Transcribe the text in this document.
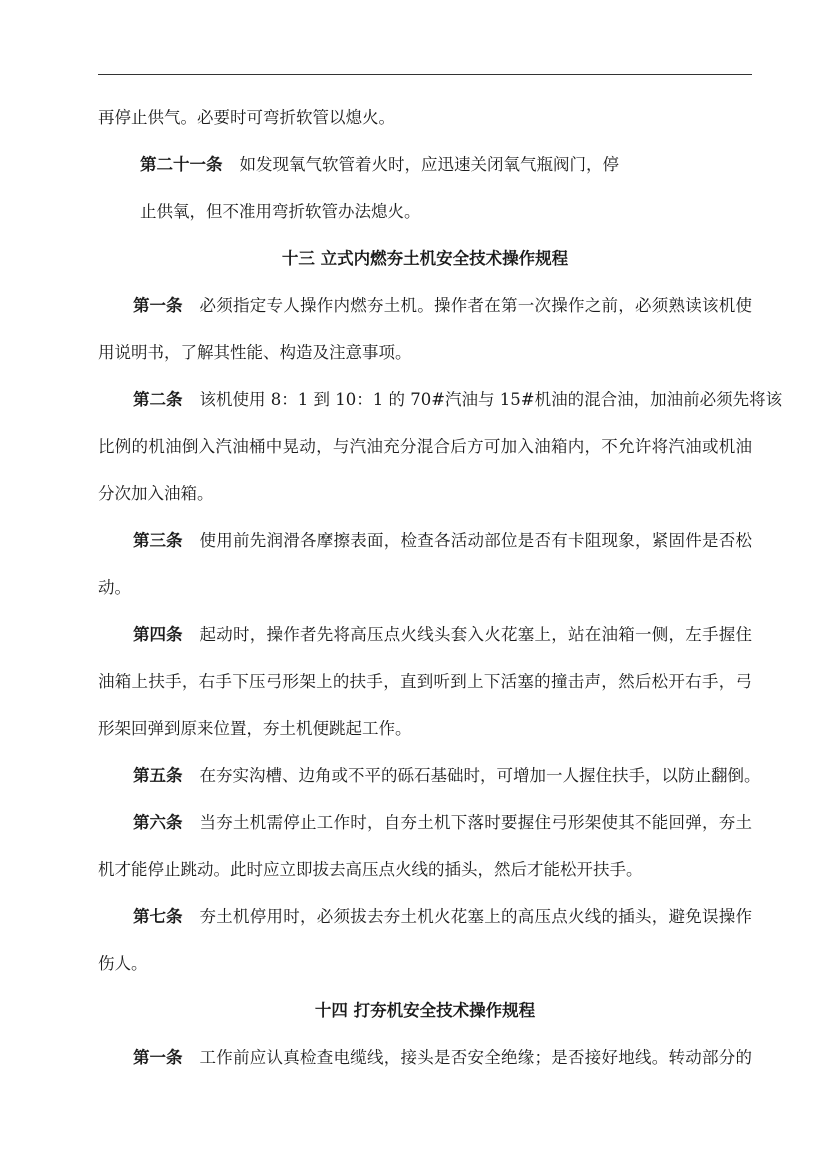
再停止供气。必要时可弯折软管以熄火。
第二十一条 如发现氧气软管着火时，应迅速关闭氧气瓶阀门，停
止供氧，但不准用弯折软管办法熄火。
十三 立式内燃夯土机安全技术操作规程
第一条 必须指定专人操作内燃夯土机。操作者在第一次操作之前，必须熟读该机使
用说明书，了解其性能、构造及注意事项。
第二条 该机使用 8：1 到 10：1 的 70#汽油与 15#机油的混合油，加油前必须先将该
比例的机油倒入汽油桶中晃动，与汽油充分混合后方可加入油箱内，不允许将汽油或机油
分次加入油箱。
第三条 使用前先润滑各摩擦表面，检查各活动部位是否有卡阻现象，紧固件是否松
动。
第四条 起动时，操作者先将高压点火线头套入火花塞上，站在油箱一侧，左手握住
油箱上扶手，右手下压弓形架上的扶手，直到听到上下活塞的撞击声，然后松开右手，弓
形架回弹到原来位置，夯土机便跳起工作。
第五条 在夯实沟槽、边角或不平的砾石基础时，可增加一人握住扶手，以防止翻倒。
第六条 当夯土机需停止工作时，自夯土机下落时要握住弓形架使其不能回弹，夯土
机才能停止跳动。此时应立即拔去高压点火线的插头，然后才能松开扶手。
第七条 夯土机停用时，必须拔去夯土机火花塞上的高压点火线的插头，避免误操作
伤人。
十四 打夯机安全技术操作规程
第一条 工作前应认真检查电缆线，接头是否安全绝缘；是否接好地线。转动部分的
